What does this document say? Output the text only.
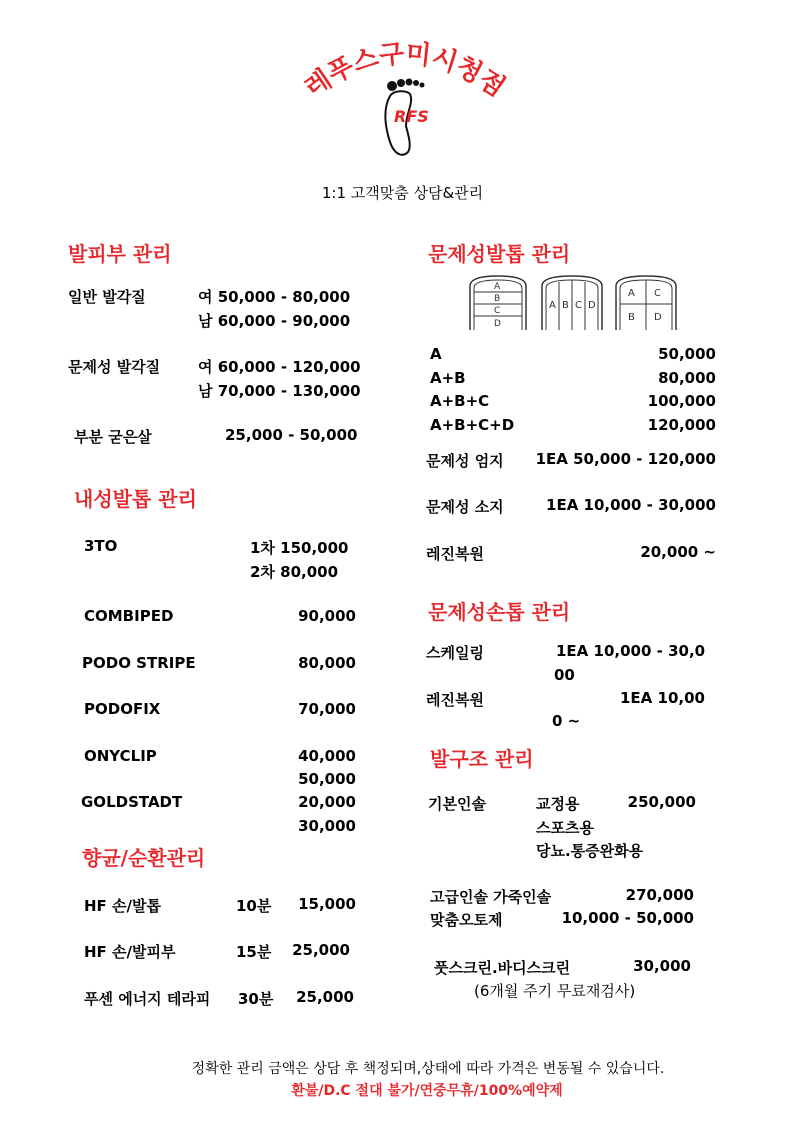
레푸스구미시청점
RFS
1:1 고객맞춤 상담&관리
발피부 관리
일반 발각질	여 50,000 - 80,000
남 60,000 - 90,000
문제성 발각질	여 60,000 - 120,000
남 70,000 - 130,000
부분 굳은살	25,000 - 50,000
내성발톱 관리
3TO	1차 150,000
2차 80,000
COMBIPED	90,000
PODO STRIPE	80,000
PODOFIX	70,000
ONYCLIP	40,000
50,000
GOLDSTADT	20,000
30,000
향균/순환관리
HF 손/발톱	10분	15,000
HF 손/발피부	15분	25,000
푸센 에너지 테라피 30분	25,000
문제성발톱 관리
A
B
C
D
A B C D
A C
B D
A	50,000
A+B	80,000
A+B+C	100,000
A+B+C+D	120,000
문제성 엄지	1EA 50,000 - 120,000
문제성 소지	1EA 10,000 - 30,000
레진복원	20,000 ~
문제성손톱 관리
스케일링	1EA 10,000 - 30,0
00
레진복원	1EA 10,00
0 ~
발구조 관리
기본인솔	교정용	250,000
스포츠용
당뇨.통증완화용
고급인솔 가죽인솔	270,000
맞춤오토제	10,000 - 50,000
풋스크린.바디스크린	30,000
(6개월 주기 무료재검사)
정확한 관리 금액은 상담 후 책정되며,상태에 따라 가격은 변동될 수 있습니다.
환불/D.C 절대 불가/연중무휴/100%예약제
